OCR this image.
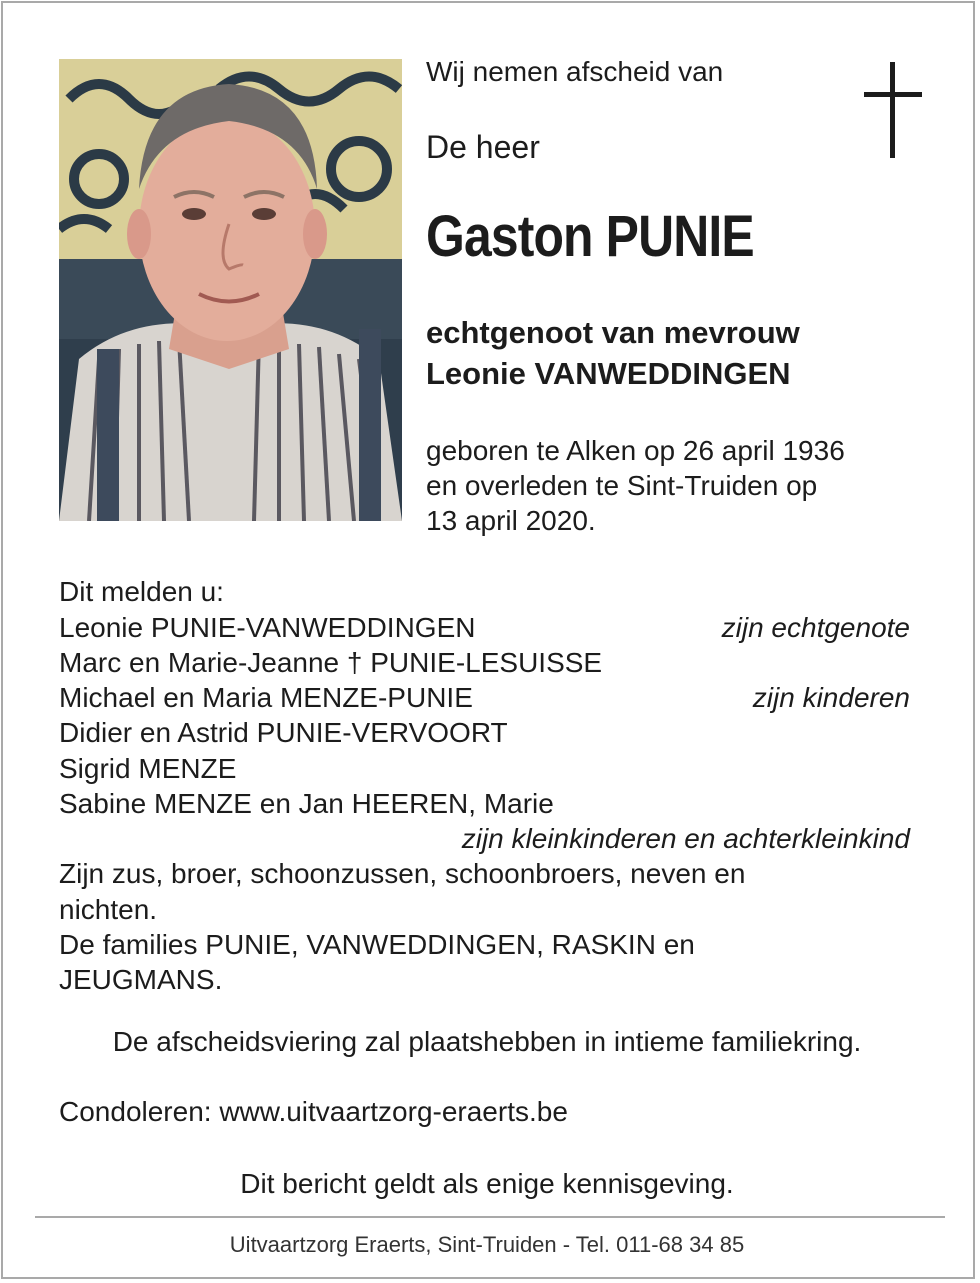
Wij nemen afscheid van
De heer
Gaston PUNIE
echtgenoot van mevrouw
Leonie VANWEDDINGEN
geboren te Alken op 26 april 1936
en overleden te Sint-Truiden op
13 april 2020.
Dit melden u:
Leonie PUNIE-VANWEDDINGEN	zijn echtgenote
Marc en Marie-Jeanne † PUNIE-LESUISSE
Michael en Maria MENZE-PUNIE	zijn kinderen
Didier en Astrid PUNIE-VERVOORT
Sigrid MENZE
Sabine MENZE en Jan HEEREN, Marie
zijn kleinkinderen en achterkleinkind
Zijn zus, broer, schoonzussen, schoonbroers, neven en
nichten.
De families PUNIE, VANWEDDINGEN, RASKIN en
JEUGMANS.
De afscheidsviering zal plaatshebben in intieme familiekring.
Condoleren: www.uitvaartzorg-eraerts.be
Dit bericht geldt als enige kennisgeving.
Uitvaartzorg Eraerts, Sint-Truiden - Tel. 011-68 34 85
